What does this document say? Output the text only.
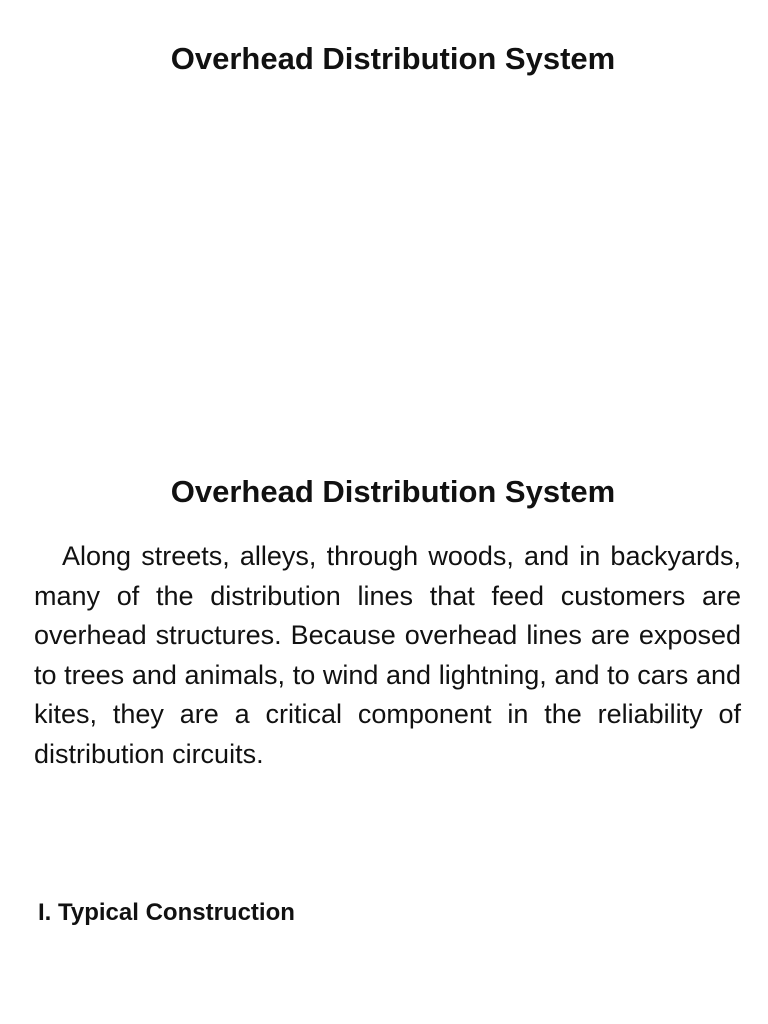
Overhead Distribution System
Overhead Distribution System

Along streets, alleys, through woods, and in backyards, many of the distribution lines that feed customers are overhead structures. Because overhead lines are exposed to trees and animals, to wind and lightning, and to cars and kites, they are a critical component in the reliability of distribution circuits.

I. Typical Construction
